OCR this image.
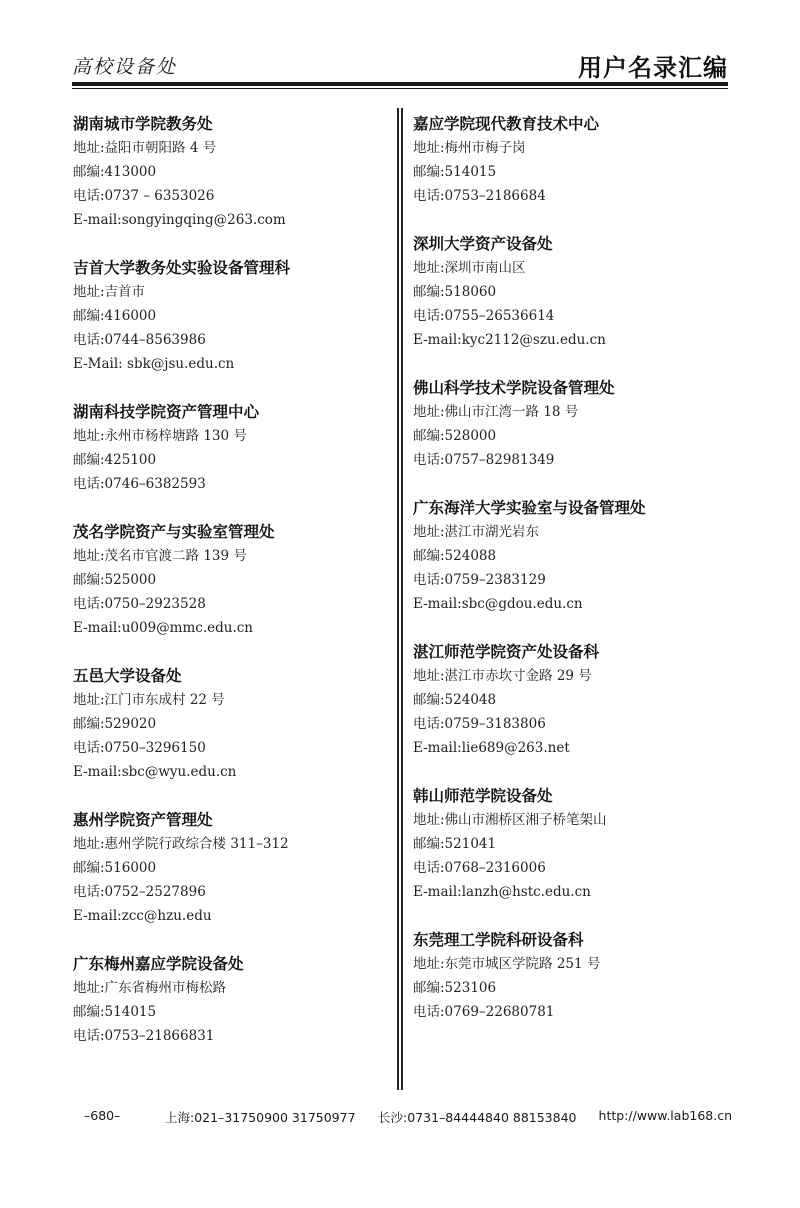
高校设备处	用户名录汇编
湖南城市学院教务处
地址:益阳市朝阳路 4 号
邮编:413000
电话:0737 – 6353026
E-mail:songyingqing@263.com
吉首大学教务处实验设备管理科
地址:吉首市
邮编:416000
电话:0744–8563986
E-Mail: sbk@jsu.edu.cn
湖南科技学院资产管理中心
地址:永州市杨梓塘路 130 号
邮编:425100
电话:0746–6382593
茂名学院资产与实验室管理处
地址:茂名市官渡二路 139 号
邮编:525000
电话:0750–2923528
E-mail:u009@mmc.edu.cn
五邑大学设备处
地址:江门市东成村 22 号
邮编:529020
电话:0750–3296150
E-mail:sbc@wyu.edu.cn
惠州学院资产管理处
地址:惠州学院行政综合楼 311–312
邮编:516000
电话:0752–2527896
E-mail:zcc@hzu.edu
广东梅州嘉应学院设备处
地址:广东省梅州市梅松路
邮编:514015
电话:0753–21866831
嘉应学院现代教育技术中心
地址:梅州市梅子岗
邮编:514015
电话:0753–2186684
深圳大学资产设备处
地址:深圳市南山区
邮编:518060
电话:0755–26536614
E-mail:kyc2112@szu.edu.cn
佛山科学技术学院设备管理处
地址:佛山市江湾一路 18 号
邮编:528000
电话:0757–82981349
广东海洋大学实验室与设备管理处
地址:湛江市湖光岩东
邮编:524088
电话:0759–2383129
E-mail:sbc@gdou.edu.cn
湛江师范学院资产处设备科
地址:湛江市赤坎寸金路 29 号
邮编:524048
电话:0759–3183806
E-mail:lie689@263.net
韩山师范学院设备处
地址:佛山市湘桥区湘子桥笔架山
邮编:521041
电话:0768–2316006
E-mail:lanzh@hstc.edu.cn
东莞理工学院科研设备科
地址:东莞市城区学院路 251 号
邮编:523106
电话:0769–22680781
–680–	上海:021–31750900 31750977 长沙:0731–84444840 88153840 http://www.lab168.cn
